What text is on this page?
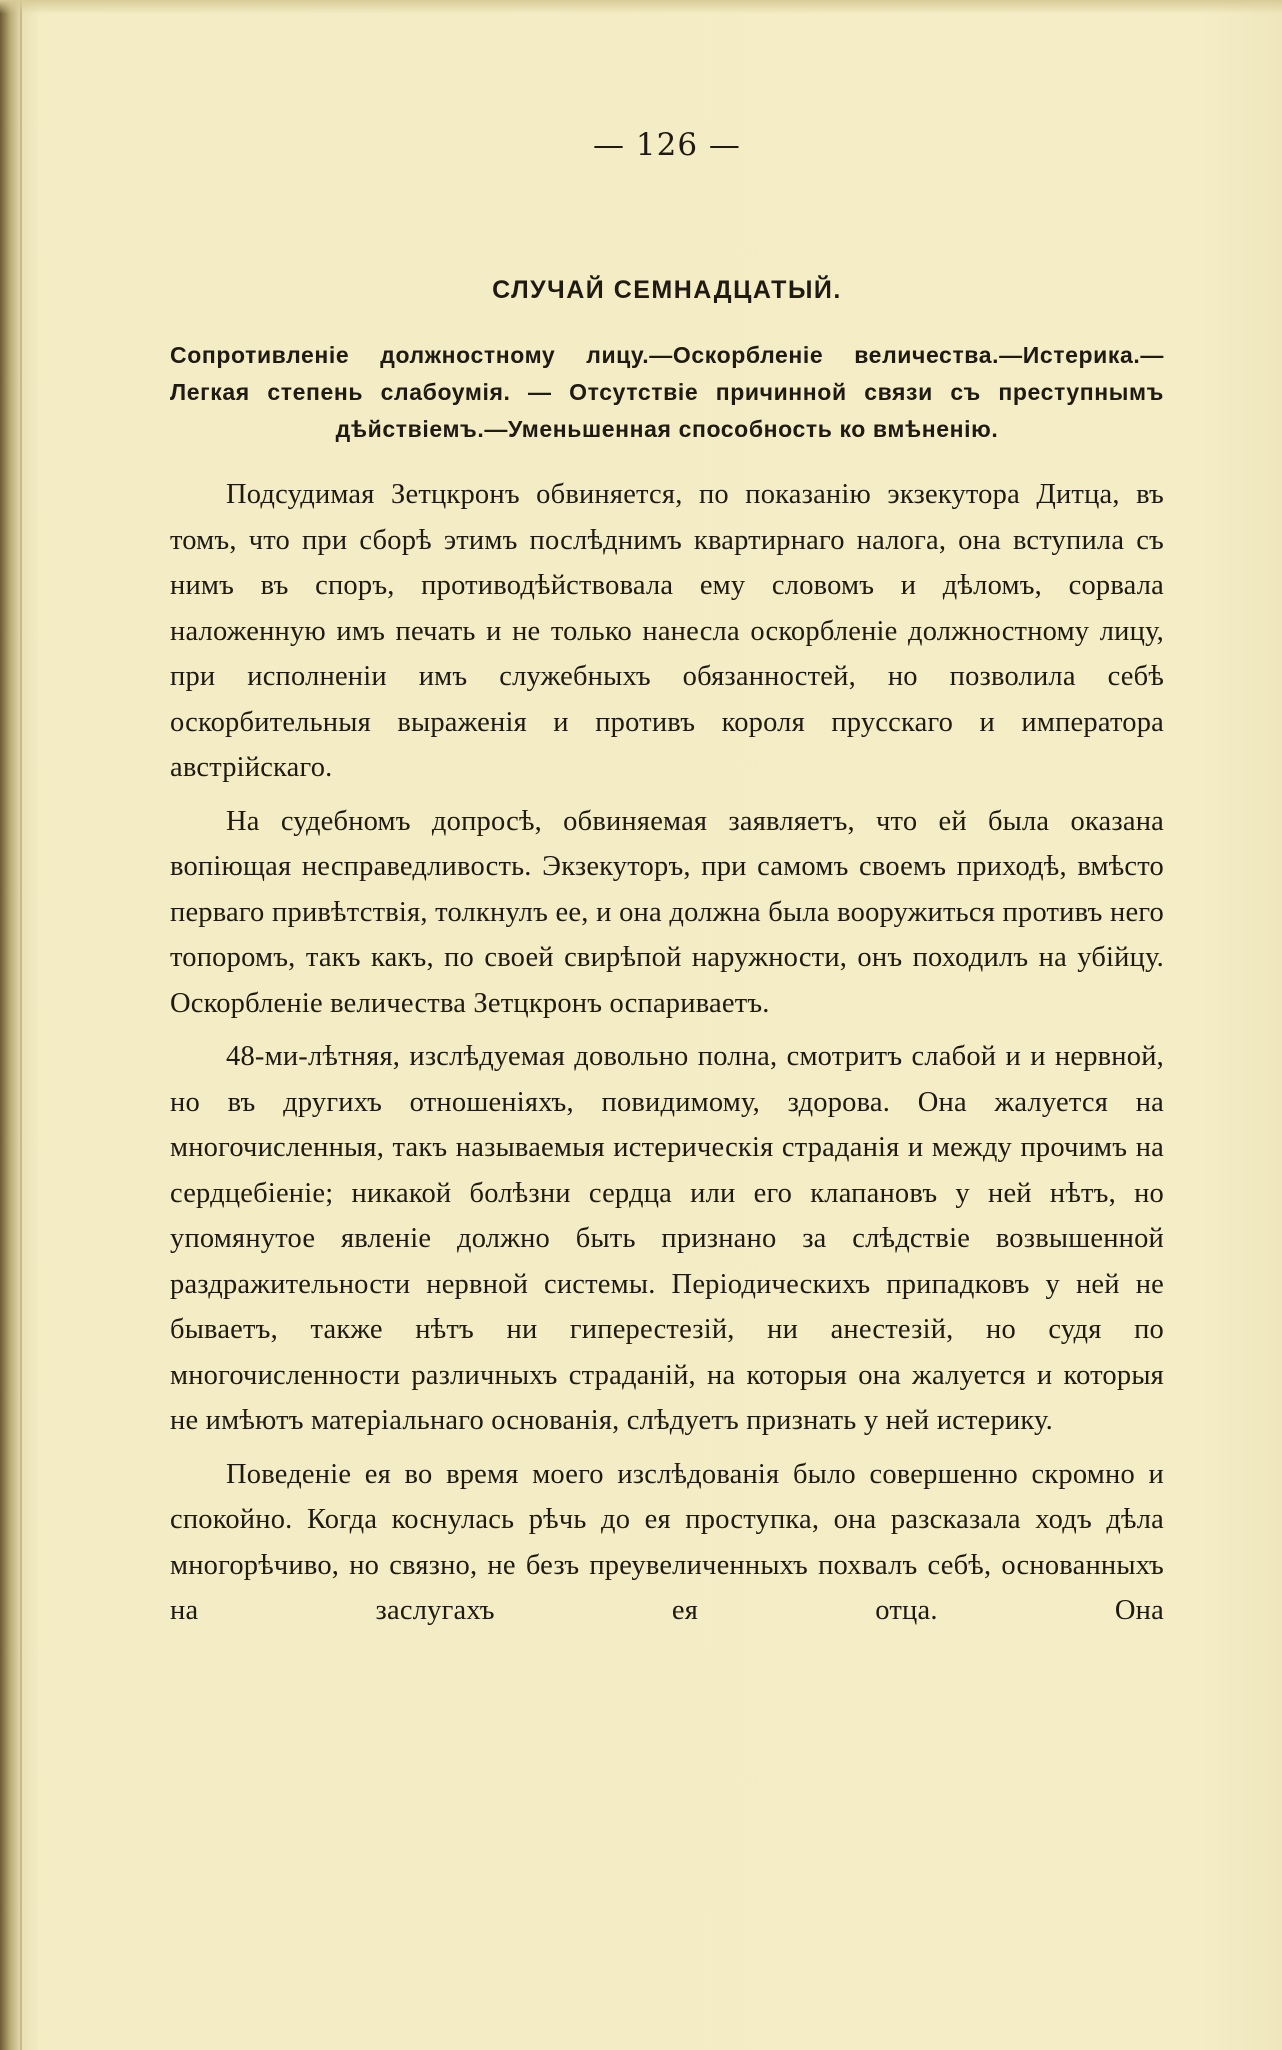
— 126 —
СЛУЧАЙ СЕМНАДЦАТЫЙ.
Сопротивленіе должностному лицу.—Оскорбленіе величества.—Истерика.—Легкая степень слабоумія. — Отсутствіе причинной связи съ преступнымъ дѣйствіемъ.—Уменьшенная способность ко вмѣненію.

Подсудимая Зетцкронъ обвиняется, по показанію экзекутора Дитца, въ томъ, что при сборѣ этимъ послѣднимъ квартирнаго налога, она вступила съ нимъ въ споръ, противодѣйствовала ему словомъ и дѣломъ, сорвала наложенную имъ печать и не только нанесла оскорбленіе должностному лицу, при исполненіи имъ служебныхъ обязанностей, но позволила себѣ оскорбительныя выраженія и противъ короля прусскаго и императора австрійскаго.

На судебномъ допросѣ, обвиняемая заявляетъ, что ей была оказана вопіющая несправедливость. Экзекуторъ, при самомъ своемъ приходѣ, вмѣсто перваго привѣтствія, толкнулъ ее, и она должна была вооружиться противъ него топоромъ, такъ какъ, по своей свирѣпой наружности, онъ походилъ на убійцу. Оскорбленіе величества Зетцкронъ оспариваетъ.

48-ми-лѣтняя, изслѣдуемая довольно полна, смотритъ слабой и и нервной, но въ другихъ отношеніяхъ, повидимому, здорова. Она жалуется на многочисленныя, такъ называемыя истерическія страданія и между прочимъ на сердцебіеніе; никакой болѣзни сердца или его клапановъ у ней нѣтъ, но упомянутое явленіе должно быть признано за слѣдствіе возвышенной раздражительности нервной системы. Періодическихъ припадковъ у ней не бываетъ, также нѣтъ ни гиперестезій, ни анестезій, но судя по многочисленности различныхъ страданій, на которыя она жалуется и которыя не имѣютъ матеріальнаго основанія, слѣдуетъ признать у ней истерику.

Поведеніе ея во время моего изслѣдованія было совершенно скромно и спокойно. Когда коснулась рѣчь до ея проступка, она разсказала ходъ дѣла многорѣчиво, но связно, не безъ преувеличенныхъ похвалъ себѣ, основанныхъ на заслугахъ ея отца. Она
